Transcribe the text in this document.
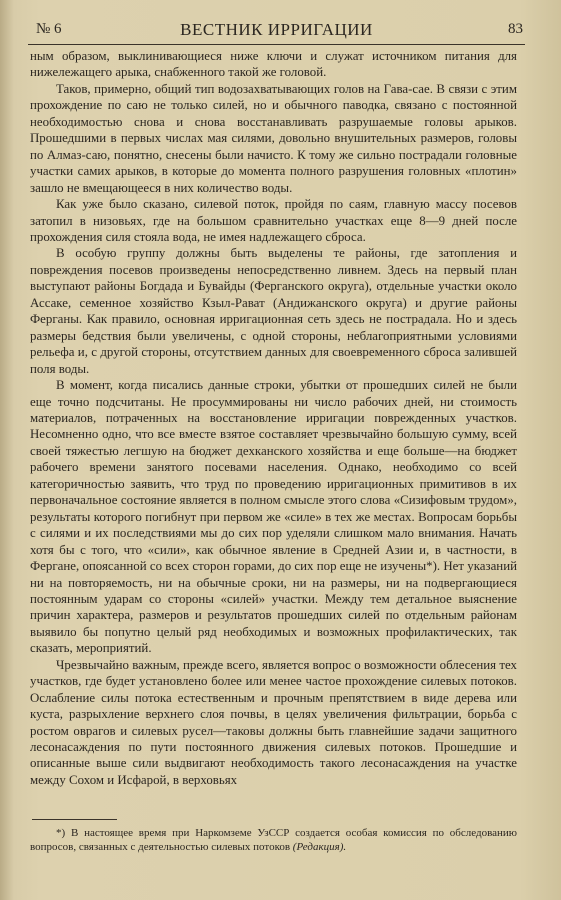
№ 6	ВЕСТНИК ИРРИГАЦИИ	83

ным образом, выклинивающиеся ниже ключи и служат источником питания для нижележащего арыка, снабженного такой же головой.

Таков, примерно, общий тип водозахватывающих голов на Гава-сае. В связи с этим прохождение по саю не только силей, но и обычного паводка, связано с постоянной необходимостью снова и снова восстанавливать разрушаемые головы арыков. Прошедшими в первых числах мая силями, довольно внушительных размеров, головы по Алмаз-саю, понятно, снесены были начисто. К тому же сильно пострадали головные участки самих арыков, в которые до момента полного разрушения головных «плотин» зашло не вмещающееся в них количество воды.

Как уже было сказано, силевой поток, пройдя по саям, главную массу посевов затопил в низовьях, где на большом сравнительно участках еще 8—9 дней после прохождения силя стояла вода, не имея надлежащего сброса.

В особую группу должны быть выделены те районы, где затопления и повреждения посевов произведены непосредственно ливнем. Здесь на первый план выступают районы Богдада и Бувайды (Ферганского округа), отдельные участки около Ассаке, семенное хозяйство Кзыл-Рават (Андижанского округа) и другие районы Ферганы. Как правило, основная ирригационная сеть здесь не пострадала. Но и здесь размеры бедствия были увеличены, с одной стороны, неблагоприятными условиями рельефа и, с другой стороны, отсутствием данных для своевременного сброса залившей поля воды.

В момент, когда писались данные строки, убытки от прошедших силей не были еще точно подсчитаны. Не просуммированы ни число рабочих дней, ни стоимость материалов, потраченных на восстановление ирригации поврежденных участков. Несомненно одно, что все вместе взятое составляет чрезвычайно большую сумму, всей своей тяжестью легшую на бюджет дехканского хозяйства и еще больше—на бюджет рабочего времени занятого посевами населения. Однако, необходимо со всей категоричностью заявить, что труд по проведению ирригационных примитивов в их первоначальное состояние является в полном смысле этого слова «Сизифовым трудом», результаты которого погибнут при первом же «силе» в тех же местах. Вопросам борьбы с силями и их последствиями мы до сих пор уделяли слишком мало внимания. Начать хотя бы с того, что «сили», как обычное явление в Средней Азии и, в частности, в Фергане, опоясанной со всех сторон горами, до сих пор еще не изучены*). Нет указаний ни на повторяемость, ни на обычные сроки, ни на размеры, ни на подвергающиеся постоянным ударам со стороны «силей» участки. Между тем детальное выяснение причин характера, размеров и результатов прошедших силей по отдельным районам выявило бы попутно целый ряд необходимых и возможных профилактических, так сказать, мероприятий.

Чрезвычайно важным, прежде всего, является вопрос о возможности облесения тех участков, где будет установлено более или менее частое прохождение силевых потоков. Ослабление силы потока естественным и прочным препятствием в виде дерева или куста, разрыхление верхнего слоя почвы, в целях увеличения фильтрации, борьба с ростом оврагов и силевых русел—таковы должны быть главнейшие задачи защитного лесонасаждения по пути постоянного движения силевых потоков. Прошедшие и описанные выше сили выдвигают необходимость такого лесонасаждения на участке между Сохом и Исфарой, в верховьях

*) В настоящее время при Наркомземе УзССР создается особая комиссия по обследованию вопросов, связанных с деятельностью силевых потоков (Редакция).
